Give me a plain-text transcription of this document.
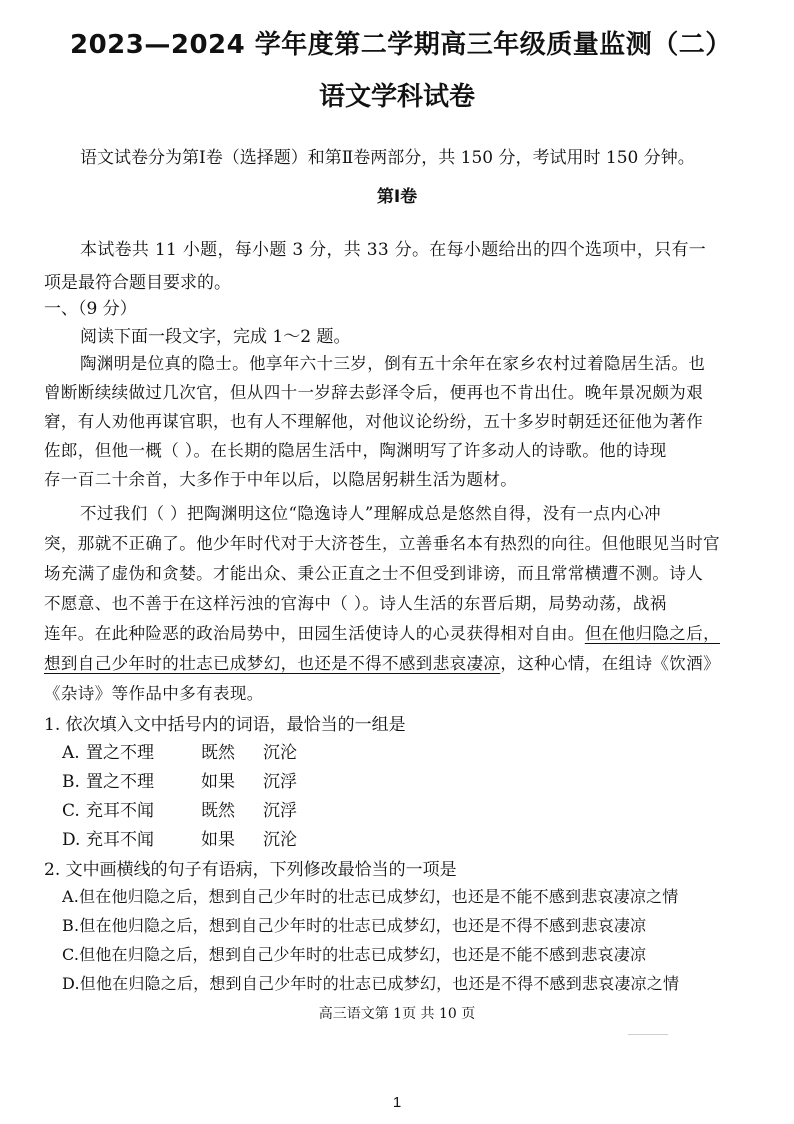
2023—2024 学年度第二学期高三年级质量监测（二）
语文学科试卷
语文试卷分为第Ⅰ卷（选择题）和第Ⅱ卷两部分，共 150 分，考试用时 150 分钟。
第Ⅰ卷
本试卷共 11 小题，每小题 3 分，共 33 分。在每小题给出的四个选项中，只有一
项是最符合题目要求的。
一、（9 分）
阅读下面一段文字，完成 1～2 题。
陶渊明是位真的隐士。他享年六十三岁，倒有五十余年在家乡农村过着隐居生活。也
曾断断续续做过几次官，但从四十一岁辞去彭泽令后，便再也不肯出仕。晚年景况颇为艰
窘，有人劝他再谋官职，也有人不理解他，对他议论纷纷，五十多岁时朝廷还征他为著作
佐郎，但他一概（ ）。在长期的隐居生活中，陶渊明写了许多动人的诗歌。他的诗现
存一百二十余首，大多作于中年以后，以隐居躬耕生活为题材。
不过我们（ ）把陶渊明这位“隐逸诗人”理解成总是悠然自得，没有一点内心冲
突，那就不正确了。他少年时代对于大济苍生，立善垂名本有热烈的向往。但他眼见当时官
场充满了虚伪和贪婪。才能出众、秉公正直之士不但受到诽谤，而且常常横遭不测。诗人
不愿意、也不善于在这样污浊的官海中（ ）。诗人生活的东晋后期，局势动荡，战祸
连年。在此种险恶的政治局势中，田园生活使诗人的心灵获得相对自由。但在他归隐之后，
想到自己少年时的壮志已成梦幻，也还是不得不感到悲哀凄凉，这种心情，在组诗《饮酒》
《杂诗》等作品中多有表现。
1. 依次填入文中括号内的词语，最恰当的一组是
A. 置之不理	既然 沉沦
B. 置之不理	如果 沉浮
C. 充耳不闻	既然 沉浮
D. 充耳不闻	如果 沉沦
2. 文中画横线的句子有语病，下列修改最恰当的一项是
A.但在他归隐之后，想到自己少年时的壮志已成梦幻，也还是不能不感到悲哀凄凉之情
B.但在他归隐之后，想到自己少年时的壮志已成梦幻，也还是不得不感到悲哀凄凉
C.但他在归隐之后，想到自己少年时的壮志已成梦幻，也还是不能不感到悲哀凄凉
D.但他在归隐之后，想到自己少年时的壮志已成梦幻，也还是不得不感到悲哀凄凉之情
高三语文第 1页 共 10 页
1
